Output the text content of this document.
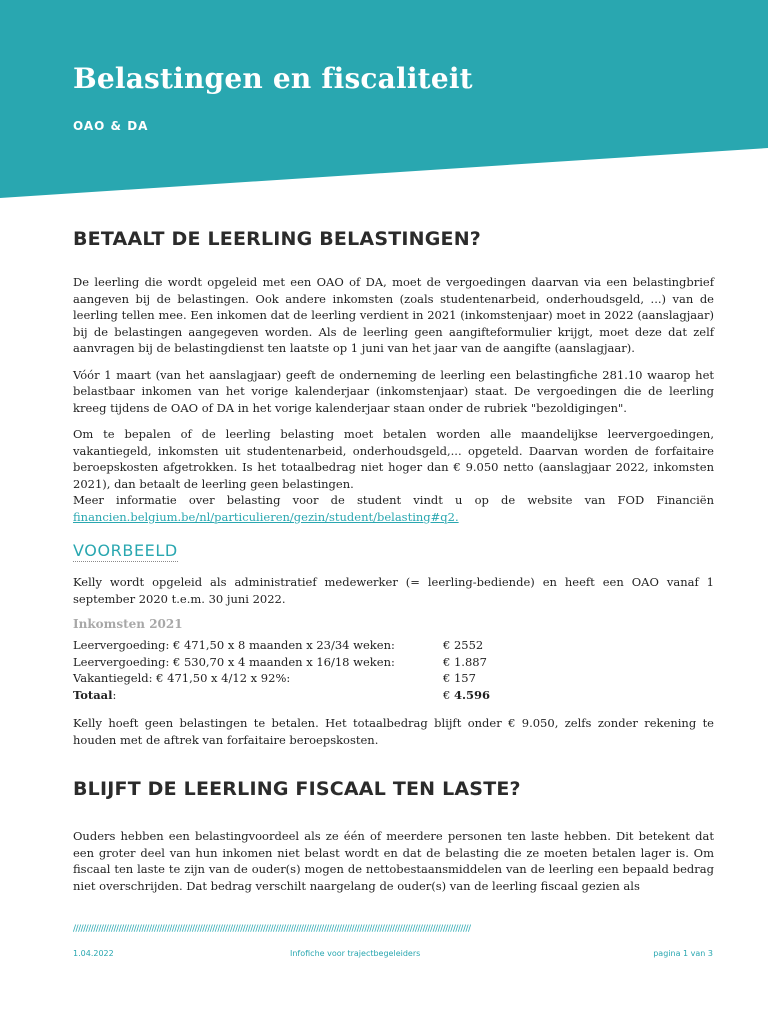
Belastingen en fiscaliteit
OAO & DA
BETAALT DE LEERLING BELASTINGEN?

De leerling die wordt opgeleid met een OAO of DA, moet de vergoedingen daarvan via een belastingbrief aangeven bij de belastingen. Ook andere inkomsten (zoals studentenarbeid, onderhoudsgeld, ...) van de leerling tellen mee. Een inkomen dat de leerling verdient in 2021 (inkomstenjaar) moet in 2022 (aanslagjaar) bij de belastingen aangegeven worden. Als de leerling geen aangifteformulier krijgt, moet deze dat zelf aanvragen bij de belastingdienst ten laatste op 1 juni van het jaar van de aangifte (aanslagjaar).

Vóór 1 maart (van het aanslagjaar) geeft de onderneming de leerling een belastingfiche 281.10 waarop het belastbaar inkomen van het vorige kalenderjaar (inkomstenjaar) staat. De vergoedingen die de leerling kreeg tijdens de OAO of DA in het vorige kalenderjaar staan onder de rubriek "bezoldigingen".

Om te bepalen of de leerling belasting moet betalen worden alle maandelijkse leervergoedingen, vakantiegeld, inkomsten uit studentenarbeid, onderhoudsgeld,... opgeteld. Daarvan worden de forfaitaire beroepskosten afgetrokken. Is het totaalbedrag niet hoger dan € 9.050 netto (aanslagjaar 2022, inkomsten 2021), dan betaalt de leerling geen belastingen.

Meer informatie over belasting voor de student vindt u op de website van FOD Financiën financien.belgium.be/nl/particulieren/gezin/student/belasting#q2.

VOORBEELD

Kelly wordt opgeleid als administratief medewerker (= leerling-bediende) en heeft een OAO vanaf 1 september 2020 t.e.m. 30 juni 2022.

Inkomsten 2021
Leervergoeding: € 471,50 x 8 maanden x 23/34 weken:	€ 2552
Leervergoeding: € 530,70 x 4 maanden x 16/18 weken:	€ 1.887
Vakantiegeld: € 471,50 x 4/12 x 92%:	€ 157
Totaal:	€ 4.596

Kelly hoeft geen belastingen te betalen. Het totaalbedrag blijft onder € 9.050, zelfs zonder rekening te houden met de aftrek van forfaitaire beroepskosten.

BLIJFT DE LEERLING FISCAAL TEN LASTE?

Ouders hebben een belastingvoordeel als ze één of meerdere personen ten laste hebben. Dit betekent dat een groter deel van hun inkomen niet belast wordt en dat de belasting die ze moeten betalen lager is. Om fiscaal ten laste te zijn van de ouder(s) mogen de nettobestaansmiddelen van de leerling een bepaald bedrag niet overschrijden. Dat bedrag verschilt naargelang de ouder(s) van de leerling fiscaal gezien als

/////////////////////////////////////////////////////////////////////////////////////////////////////////////////////////////////////////////////////////////
1.04.2022	Infofiche voor trajectbegeleiders	pagina 1 van 3
